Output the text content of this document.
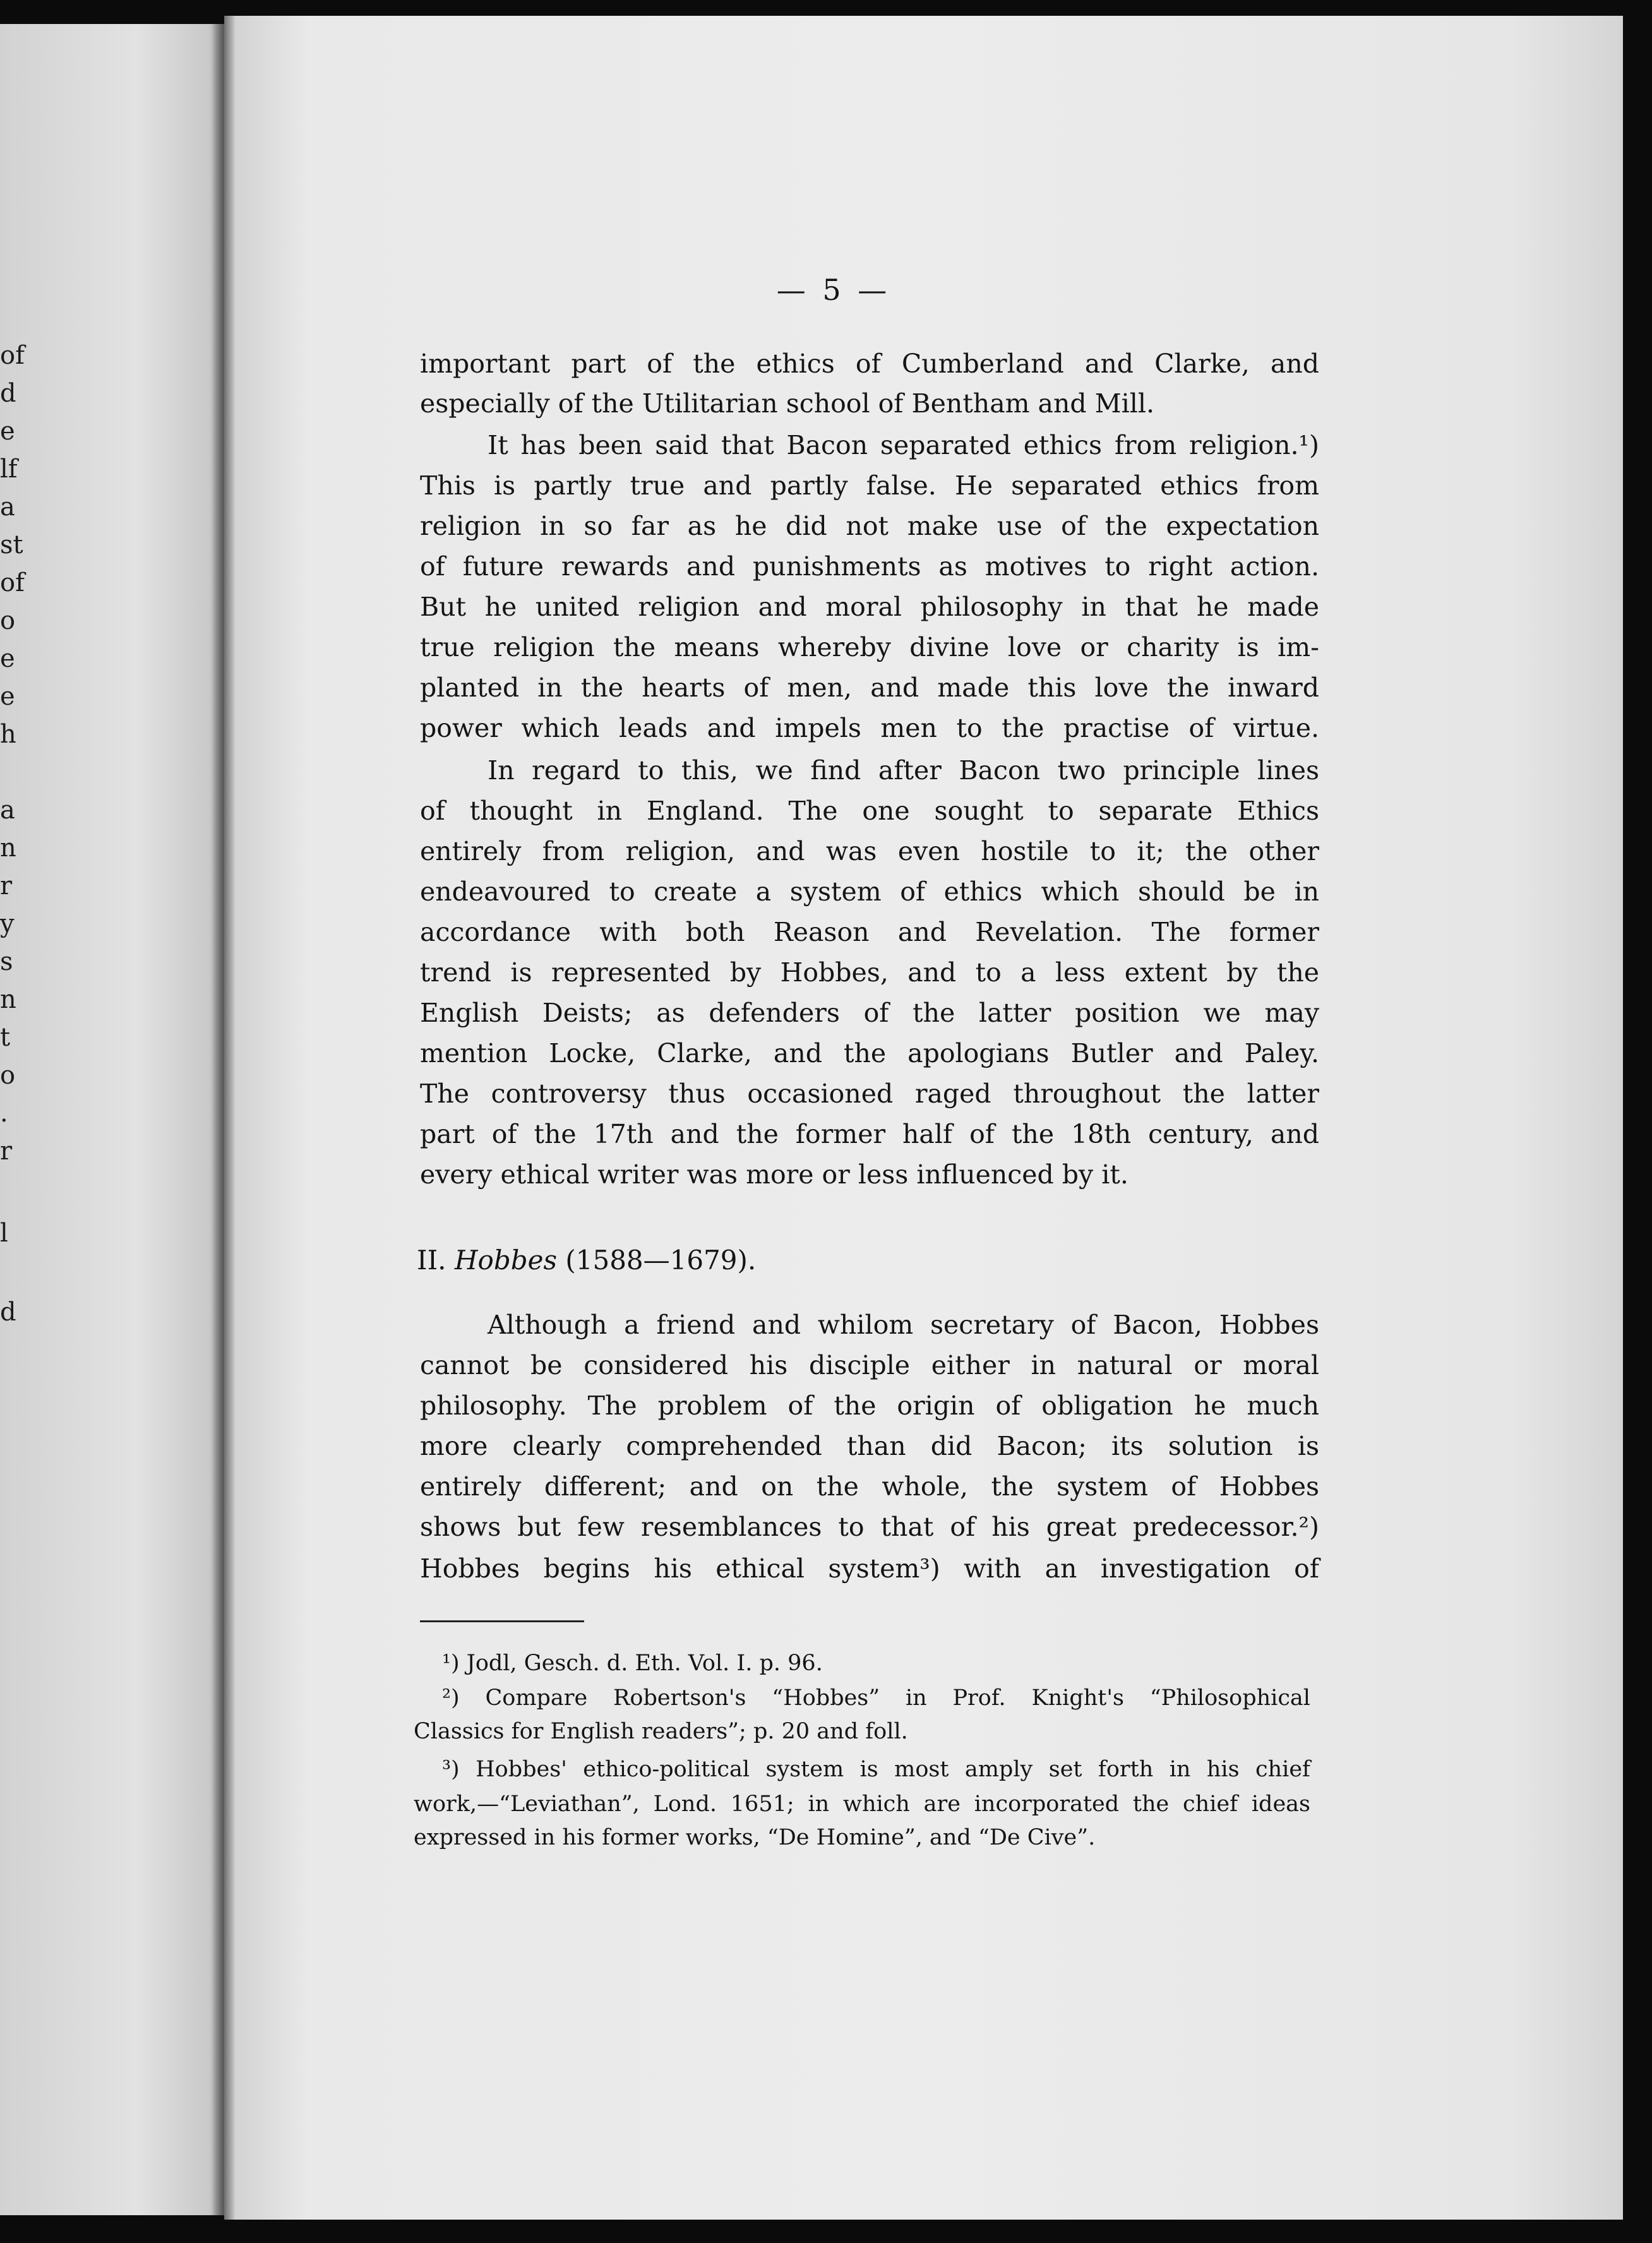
of
d
e
lf
a
st
of
o
e
e
h
a
n
r
y
s
n
t
o
.
r
l
d
— 5 —
important part of the ethics of Cumberland and Clarke, and
especially of the Utilitarian school of Bentham and Mill.
It has been said that Bacon separated ethics from religion.¹)
This is partly true and partly false. He separated ethics from
religion in so far as he did not make use of the expectation
of future rewards and punishments as motives to right action.
But he united religion and moral philosophy in that he made
true religion the means whereby divine love or charity is im-
planted in the hearts of men, and made this love the inward
power which leads and impels men to the practise of virtue.
In regard to this, we find after Bacon two principle lines
of thought in England. The one sought to separate Ethics
entirely from religion, and was even hostile to it; the other
endeavoured to create a system of ethics which should be in
accordance with both Reason and Revelation. The former
trend is represented by Hobbes, and to a less extent by the
English Deists; as defenders of the latter position we may
mention Locke, Clarke, and the apologians Butler and Paley.
The controversy thus occasioned raged throughout the latter
part of the 17th and the former half of the 18th century, and
every ethical writer was more or less influenced by it.
II. Hobbes (1588—1679).
Although a friend and whilom secretary of Bacon, Hobbes
cannot be considered his disciple either in natural or moral
philosophy. The problem of the origin of obligation he much
more clearly comprehended than did Bacon; its solution is
entirely different; and on the whole, the system of Hobbes
shows but few resemblances to that of his great predecessor.²)
Hobbes begins his ethical system³) with an investigation of
¹) Jodl, Gesch. d. Eth. Vol. I. p. 96.
²) Compare Robertson's “Hobbes” in Prof. Knight's “Philosophical
Classics for English readers”; p. 20 and foll.
³) Hobbes' ethico-political system is most amply set forth in his chief
work,—“Leviathan”, Lond. 1651; in which are incorporated the chief ideas
expressed in his former works, “De Homine”, and “De Cive”.
